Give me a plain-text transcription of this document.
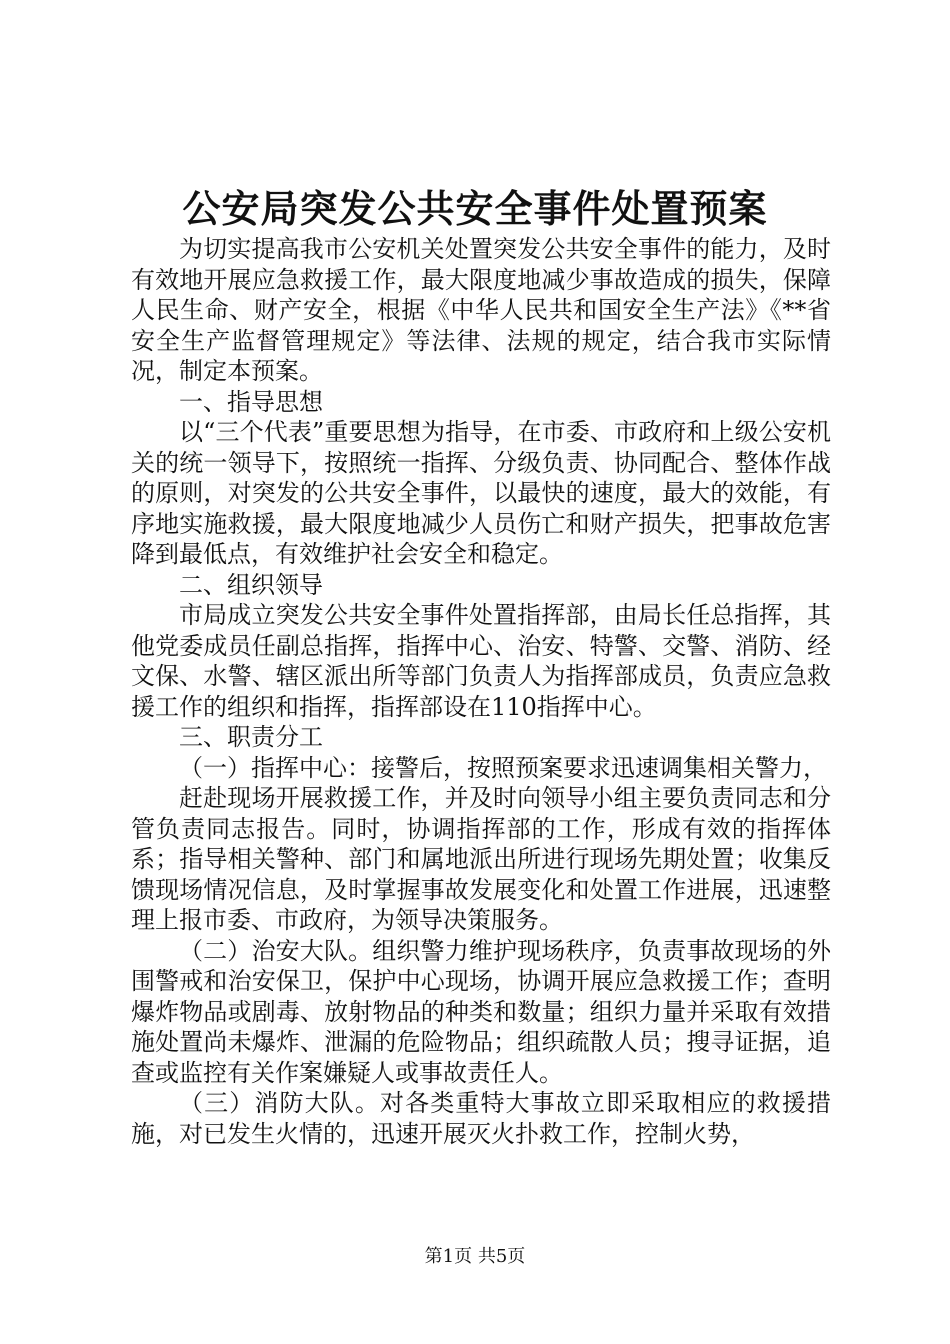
公安局突发公共安全事件处置预案

为切实提高我市公安机关处置突发公共安全事件的能力，及时有效地开展应急救援工作，最大限度地减少事故造成的损失，保障人民生命、财产安全，根据《中华人民共和国安全生产法》《**省安全生产监督管理规定》等法律、法规的规定，结合我市实际情况，制定本预案。

一、指导思想

以“三个代表”重要思想为指导，在市委、市政府和上级公安机关的统一领导下，按照统一指挥、分级负责、协同配合、整体作战的原则，对突发的公共安全事件，以最快的速度，最大的效能，有序地实施救援，最大限度地减少人员伤亡和财产损失，把事故危害降到最低点，有效维护社会安全和稳定。

二、组织领导

市局成立突发公共安全事件处置指挥部，由局长任总指挥，其他党委成员任副总指挥，指挥中心、治安、特警、交警、消防、经文保、水警、辖区派出所等部门负责人为指挥部成员，负责应急救援工作的组织和指挥，指挥部设在110指挥中心。

三、职责分工

（一）指挥中心：接警后，按照预案要求迅速调集相关警力，

赶赴现场开展救援工作，并及时向领导小组主要负责同志和分管负责同志报告。同时，协调指挥部的工作，形成有效的指挥体系；指导相关警种、部门和属地派出所进行现场先期处置；收集反馈现场情况信息，及时掌握事故发展变化和处置工作进展，迅速整理上报市委、市政府，为领导决策服务。

（二）治安大队。组织警力维护现场秩序，负责事故现场的外围警戒和治安保卫，保护中心现场，协调开展应急救援工作；查明爆炸物品或剧毒、放射物品的种类和数量；组织力量并采取有效措施处置尚未爆炸、泄漏的危险物品；组织疏散人员；搜寻证据，追查或监控有关作案嫌疑人或事故责任人。

（三）消防大队。对各类重特大事故立即采取相应的救援措施，对已发生火情的，迅速开展灭火扑救工作，控制火势，

第1页 共5页
